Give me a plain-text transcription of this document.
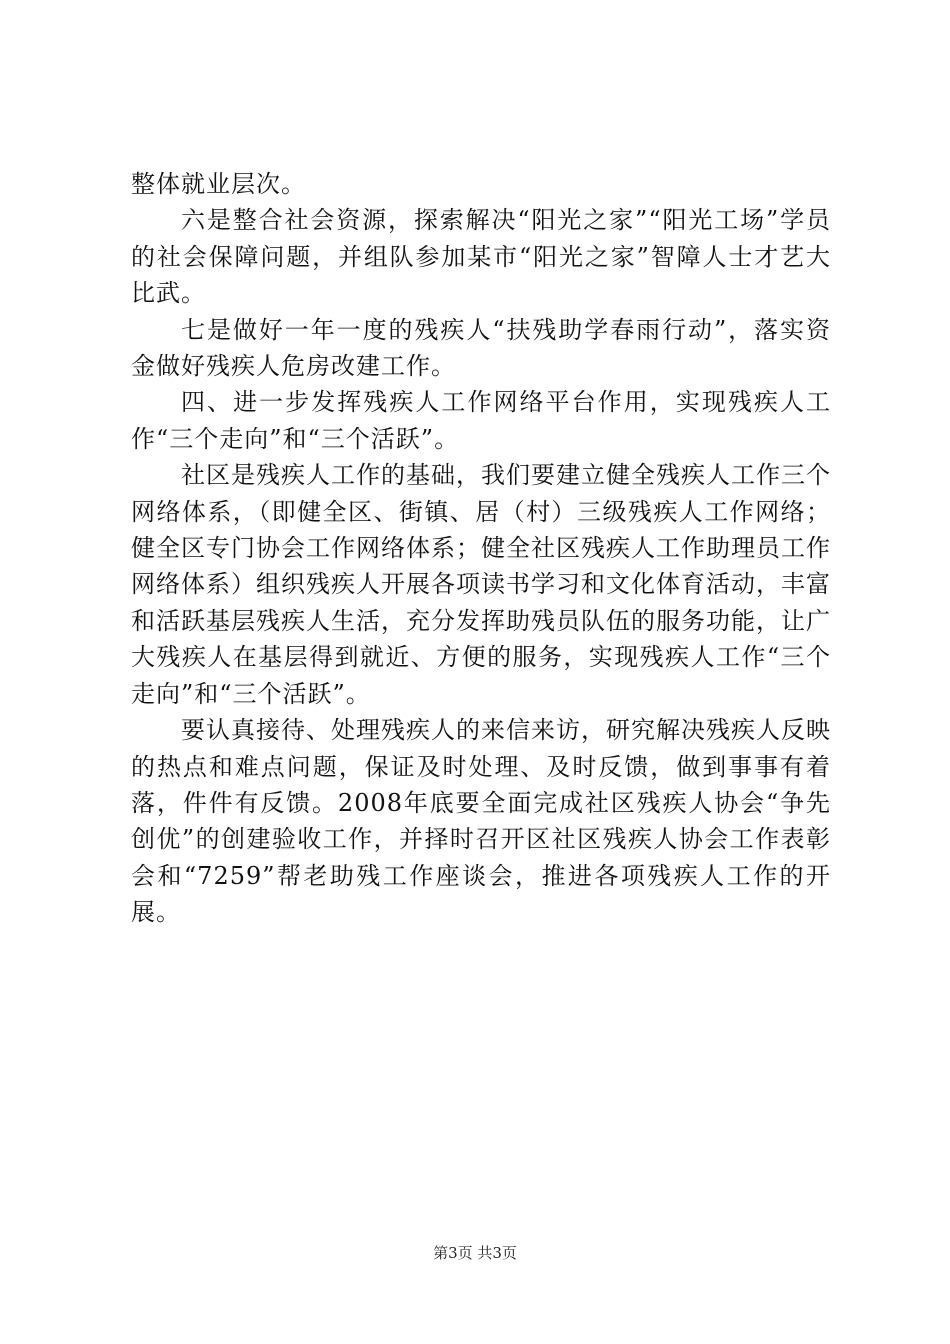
整体就业层次。

六是整合社会资源，探索解决“阳光之家”“阳光工场”学员的社会保障问题，并组队参加某市“阳光之家”智障人士才艺大比武。

七是做好一年一度的残疾人“扶残助学春雨行动”，落实资金做好残疾人危房改建工作。

四、进一步发挥残疾人工作网络平台作用，实现残疾人工作“三个走向”和“三个活跃”。

社区是残疾人工作的基础，我们要建立健全残疾人工作三个网络体系，（即健全区、街镇、居（村）三级残疾人工作网络；健全区专门协会工作网络体系；健全社区残疾人工作助理员工作网络体系）组织残疾人开展各项读书学习和文化体育活动，丰富和活跃基层残疾人生活，充分发挥助残员队伍的服务功能，让广大残疾人在基层得到就近、方便的服务，实现残疾人工作“三个走向”和“三个活跃”。

要认真接待、处理残疾人的来信来访，研究解决残疾人反映的热点和难点问题，保证及时处理、及时反馈，做到事事有着落，件件有反馈。2008年底要全面完成社区残疾人协会“争先创优”的创建验收工作，并择时召开区社区残疾人协会工作表彰会和“7259”帮老助残工作座谈会，推进各项残疾人工作的开展。

第3页 共3页
